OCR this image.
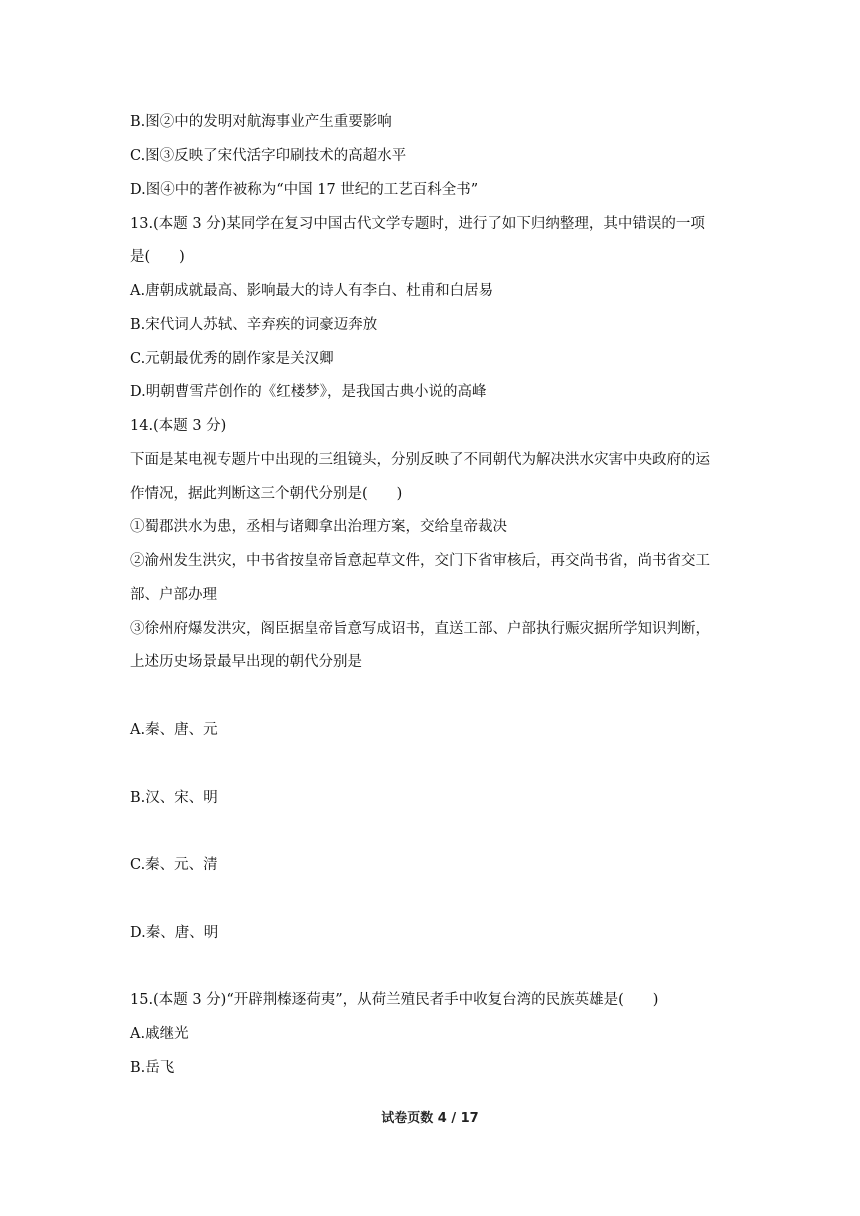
B.图②中的发明对航海事业产生重要影响
C.图③反映了宋代活字印刷技术的高超水平
D.图④中的著作被称为“中国 17 世纪的工艺百科全书”
13.(本题 3 分)某同学在复习中国古代文学专题时，进行了如下归纳整理，其中错误的一项
是(　　)
A.唐朝成就最高、影响最大的诗人有李白、杜甫和白居易
B.宋代词人苏轼、辛弃疾的词豪迈奔放
C.元朝最优秀的剧作家是关汉卿
D.明朝曹雪芹创作的《红楼梦》，是我国古典小说的高峰
14.(本题 3 分)
下面是某电视专题片中出现的三组镜头，分别反映了不同朝代为解决洪水灾害中央政府的运
作情况，据此判断这三个朝代分别是(　　)
①蜀郡洪水为患，丞相与诸卿拿出治理方案，交给皇帝裁决
②渝州发生洪灾，中书省按皇帝旨意起草文件，交门下省审核后，再交尚书省，尚书省交工
部、户部办理
③徐州府爆发洪灾，阁臣据皇帝旨意写成诏书，直送工部、户部执行赈灾据所学知识判断，
上述历史场景最早出现的朝代分别是
A.秦、唐、元
B.汉、宋、明
C.秦、元、清
D.秦、唐、明
15.(本题 3 分)“开辟荆榛逐荷夷”，从荷兰殖民者手中收复台湾的民族英雄是(　　)
A.戚继光
B.岳飞
试卷页数 4 / 17
